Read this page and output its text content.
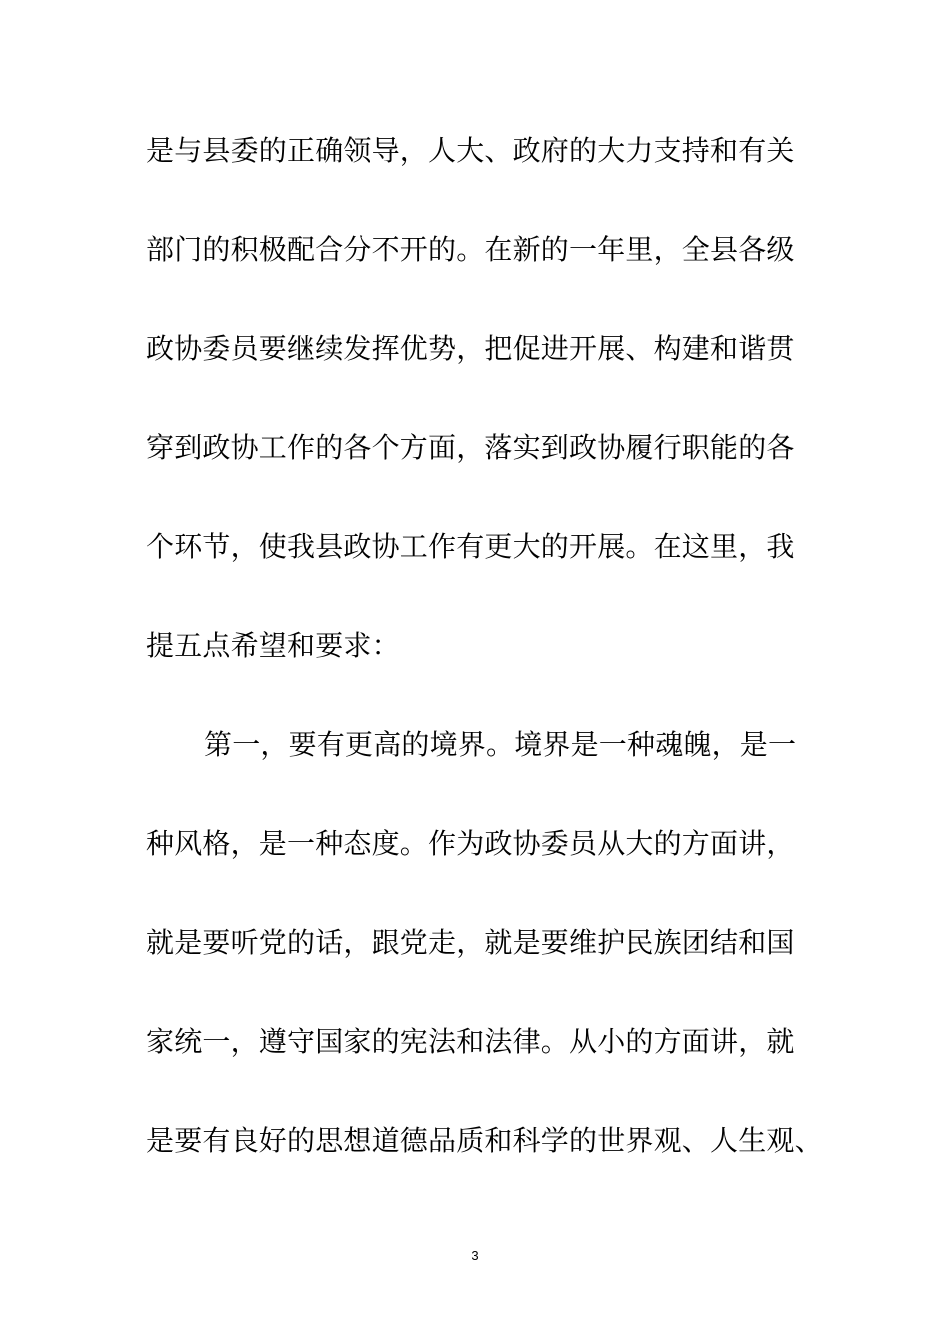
是与县委的正确领导，人大、政府的大力支持和有关
部门的积极配合分不开的。在新的一年里，全县各级
政协委员要继续发挥优势，把促进开展、构建和谐贯
穿到政协工作的各个方面，落实到政协履行职能的各
个环节，使我县政协工作有更大的开展。在这里，我
提五点希望和要求：
第一，要有更高的境界。境界是一种魂魄，是一
种风格，是一种态度。作为政协委员从大的方面讲，
就是要听党的话，跟党走，就是要维护民族团结和国
家统一，遵守国家的宪法和法律。从小的方面讲，就
是要有良好的思想道德品质和科学的世界观、人生观、
3
